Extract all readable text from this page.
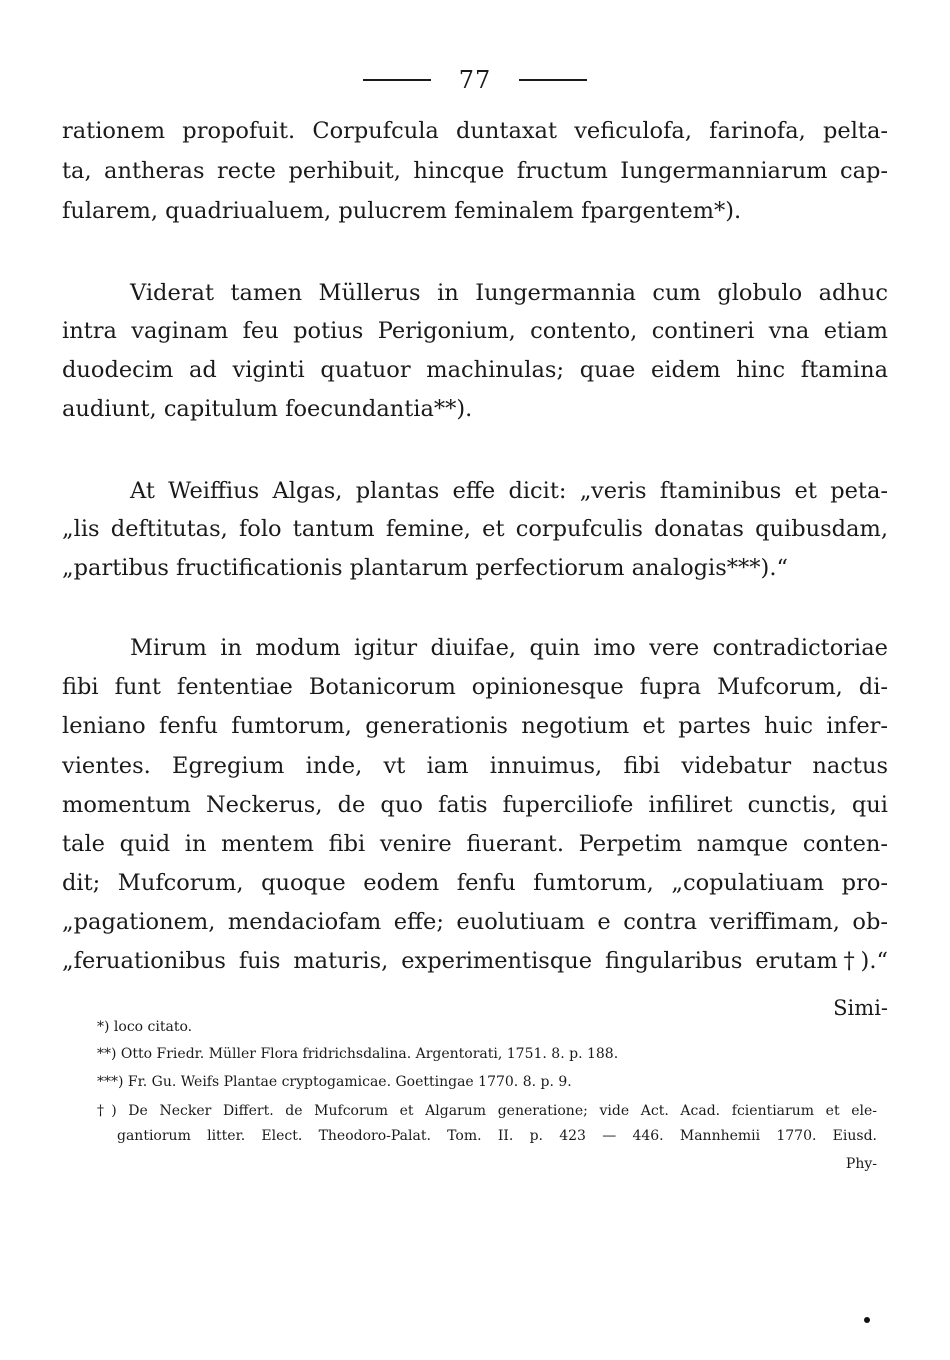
77
rationem propofuit. Corpufcula duntaxat veficulofa, farinofa, pelta-
ta, antheras recte perhibuit, hincque fructum Iungermanniarum cap-
fularem, quadriualuem, pulucrem feminalem fpargentem*).
Viderat tamen Müllerus in Iungermannia cum globulo adhuc
intra vaginam feu potius Perigonium, contento, contineri vna etiam
duodecim ad viginti quatuor machinulas; quae eidem hinc ftamina
audiunt, capitulum foecundantia**).
At Weiffius Algas, plantas effe dicit: „veris ftaminibus et peta-
„lis deftitutas, folo tantum femine, et corpufculis donatas quibusdam,
„partibus fructificationis plantarum perfectiorum analogis***).“
Mirum in modum igitur diuifae, quin imo vere contradictoriae
fibi funt fententiae Botanicorum opinionesque fupra Mufcorum, di-
leniano fenfu fumtorum, generationis negotium et partes huic infer-
vientes. Egregium inde, vt iam innuimus, fibi videbatur nactus
momentum Neckerus, de quo fatis fuperciliofe infiliret cunctis, qui
tale quid in mentem fibi venire fiuerant. Perpetim namque conten-
dit; Mufcorum, quoque eodem fenfu fumtorum, „copulatiuam pro-
„pagationem, mendaciofam effe; euolutiuam e contra veriffimam, ob-
„feruationibus fuis maturis, experimentisque fingularibus erutam†).“
Simi-
*) loco citato.
**) Otto Friedr. Müller Flora fridrichsdalina. Argentorati, 1751. 8. p. 188.
***) Fr. Gu. Weifs Plantae cryptogamicae. Goettingae 1770. 8. p. 9.
†) De Necker Differt. de Mufcorum et Algarum generatione; vide Act. Acad. fcientiarum et ele-
gantiorum litter. Elect. Theodoro-Palat. Tom. II. p. 423 — 446. Mannhemii 1770. Eiusd.
Phy-
